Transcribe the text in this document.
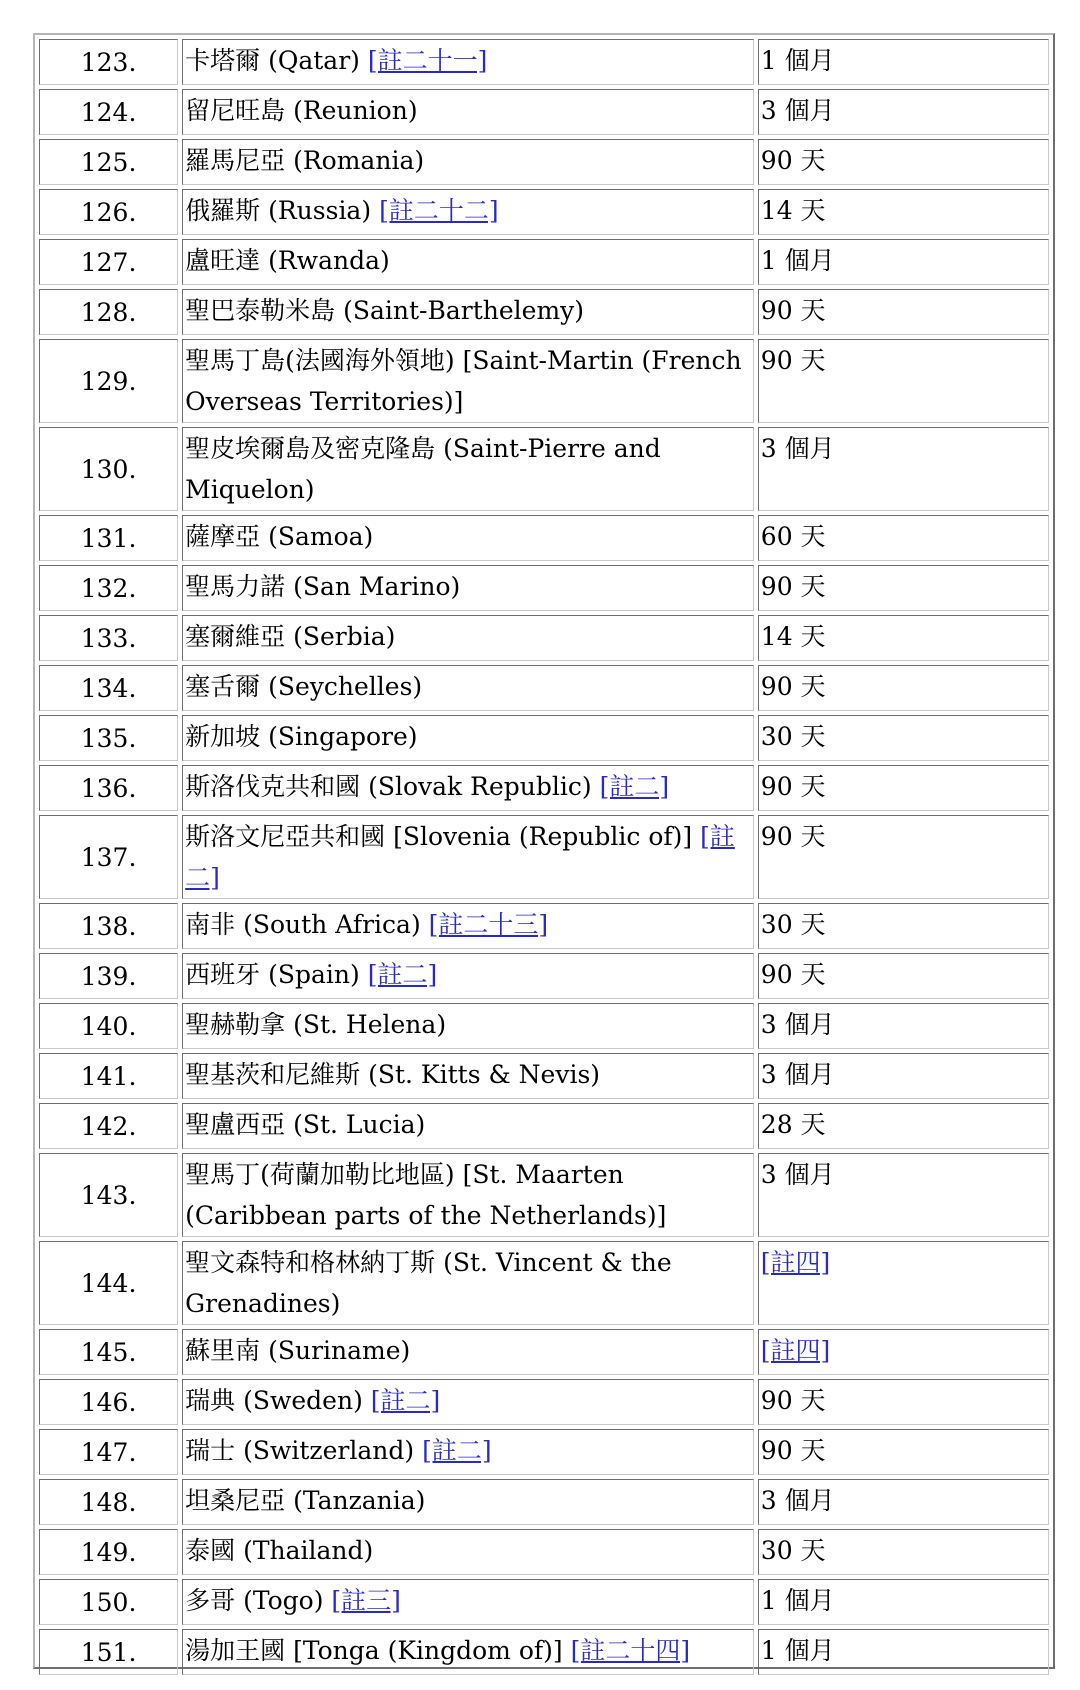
123.	卡塔爾 (Qatar) [註二十一]	1 個月
124.	留尼旺島 (Reunion)	3 個月
125.	羅馬尼亞 (Romania)	90 天
126.	俄羅斯 (Russia) [註二十二]	14 天
127.	盧旺達 (Rwanda)	1 個月
128.	聖巴泰勒米島 (Saint-Barthelemy)	90 天
129.	聖馬丁島(法國海外領地) [Saint-Martin (French Overseas Territories)]	90 天
130.	聖皮埃爾島及密克隆島 (Saint-Pierre and Miquelon)	3 個月
131.	薩摩亞 (Samoa)	60 天
132.	聖馬力諾 (San Marino)	90 天
133.	塞爾維亞 (Serbia)	14 天
134.	塞舌爾 (Seychelles)	90 天
135.	新加坡 (Singapore)	30 天
136.	斯洛伐克共和國 (Slovak Republic) [註二]	90 天
137.	斯洛文尼亞共和國 [Slovenia (Republic of)] [註二]	90 天
138.	南非 (South Africa) [註二十三]	30 天
139.	西班牙 (Spain) [註二]	90 天
140.	聖赫勒拿 (St. Helena)	3 個月
141.	聖基茨和尼維斯 (St. Kitts & Nevis)	3 個月
142.	聖盧西亞 (St. Lucia)	28 天
143.	聖馬丁(荷蘭加勒比地區) [St. Maarten (Caribbean parts of the Netherlands)]	3 個月
144.	聖文森特和格林納丁斯 (St. Vincent & the Grenadines)	[註四]
145.	蘇里南 (Suriname)	[註四]
146.	瑞典 (Sweden) [註二]	90 天
147.	瑞士 (Switzerland) [註二]	90 天
148.	坦桑尼亞 (Tanzania)	3 個月
149.	泰國 (Thailand)	30 天
150.	多哥 (Togo) [註三]	1 個月
151.	湯加王國 [Tonga (Kingdom of)] [註二十四]	1 個月
